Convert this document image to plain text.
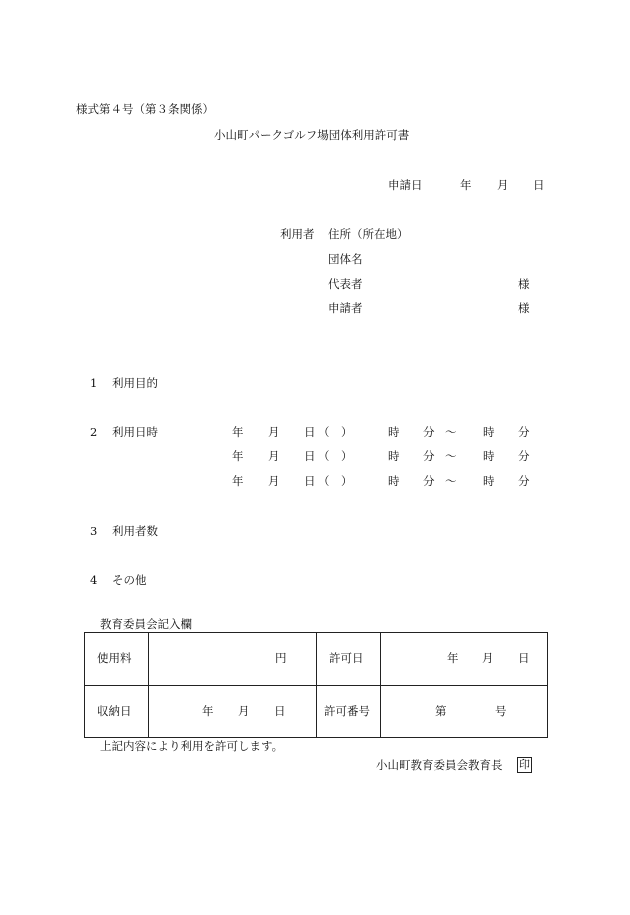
様式第４号（第３条関係）
小山町パークゴルフ場団体利用許可書
申請日	年 月 日
利用者 住所（所在地）
団体名
代表者	様
申請者	様
1 利用目的
2 利用日時	年 月 日 （　）	時 分 ～ 時 分
年 月 日 （　）	時 分 ～ 時 分
年 月 日 （　）	時 分 ～ 時 分
3 利用者数
4 その他
教育委員会記入欄
使用料	円	許可日	年 月 日
収納日	年 月 日	許可番号	第	号
上記内容により利用を許可します。
小山町教育委員会教育長 印
